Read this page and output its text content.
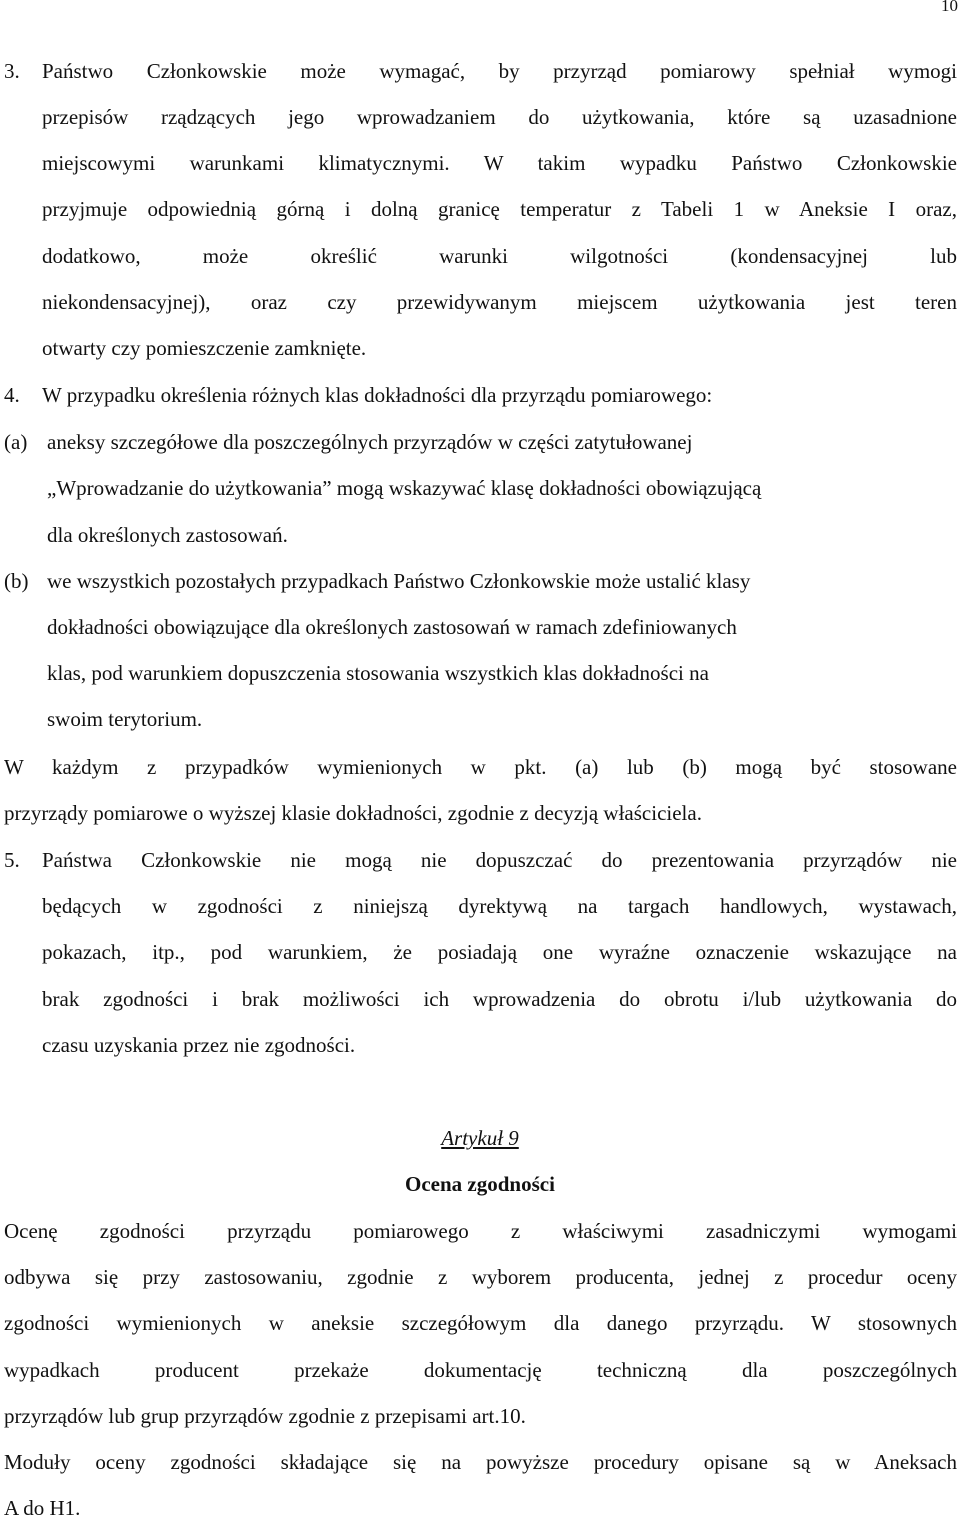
10
3. Państwo Członkowskie może wymagać, by przyrząd pomiarowy spełniał wymogi
przepisów rządzących jego wprowadzaniem do użytkowania, które są uzasadnione
miejscowymi warunkami klimatycznymi. W takim wypadku Państwo Członkowskie
przyjmuje odpowiednią górną i dolną granicę temperatur z Tabeli 1 w Aneksie I oraz,
dodatkowo, może określić warunki wilgotności (kondensacyjnej lub
niekondensacyjnej), oraz czy przewidywanym miejscem użytkowania jest teren
otwarty czy pomieszczenie zamknięte.
4. W przypadku określenia różnych klas dokładności dla przyrządu pomiarowego:
(a) aneksy szczegółowe dla poszczególnych przyrządów w części zatytułowanej
„Wprowadzanie do użytkowania” mogą wskazywać klasę dokładności obowiązującą
dla określonych zastosowań.
(b) we wszystkich pozostałych przypadkach Państwo Członkowskie może ustalić klasy
dokładności obowiązujące dla określonych zastosowań w ramach zdefiniowanych
klas, pod warunkiem dopuszczenia stosowania wszystkich klas dokładności na
swoim terytorium.
W każdym z przypadków wymienionych w pkt. (a) lub (b) mogą być stosowane
przyrządy pomiarowe o wyższej klasie dokładności, zgodnie z decyzją właściciela.
5. Państwa Członkowskie nie mogą nie dopuszczać do prezentowania przyrządów nie
będących w zgodności z niniejszą dyrektywą na targach handlowych, wystawach,
pokazach, itp., pod warunkiem, że posiadają one wyraźne oznaczenie wskazujące na
brak zgodności i brak możliwości ich wprowadzenia do obrotu i/lub użytkowania do
czasu uzyskania przez nie zgodności.
Artykuł 9
Ocena zgodności
Ocenę zgodności przyrządu pomiarowego z właściwymi zasadniczymi wymogami
odbywa się przy zastosowaniu, zgodnie z wyborem producenta, jednej z procedur oceny
zgodności wymienionych w aneksie szczegółowym dla danego przyrządu. W stosownych
wypadkach producent przekaże dokumentację techniczną dla poszczególnych
przyrządów lub grup przyrządów zgodnie z przepisami art.10.
Moduły oceny zgodności składające się na powyższe procedury opisane są w Aneksach
A do H1.
